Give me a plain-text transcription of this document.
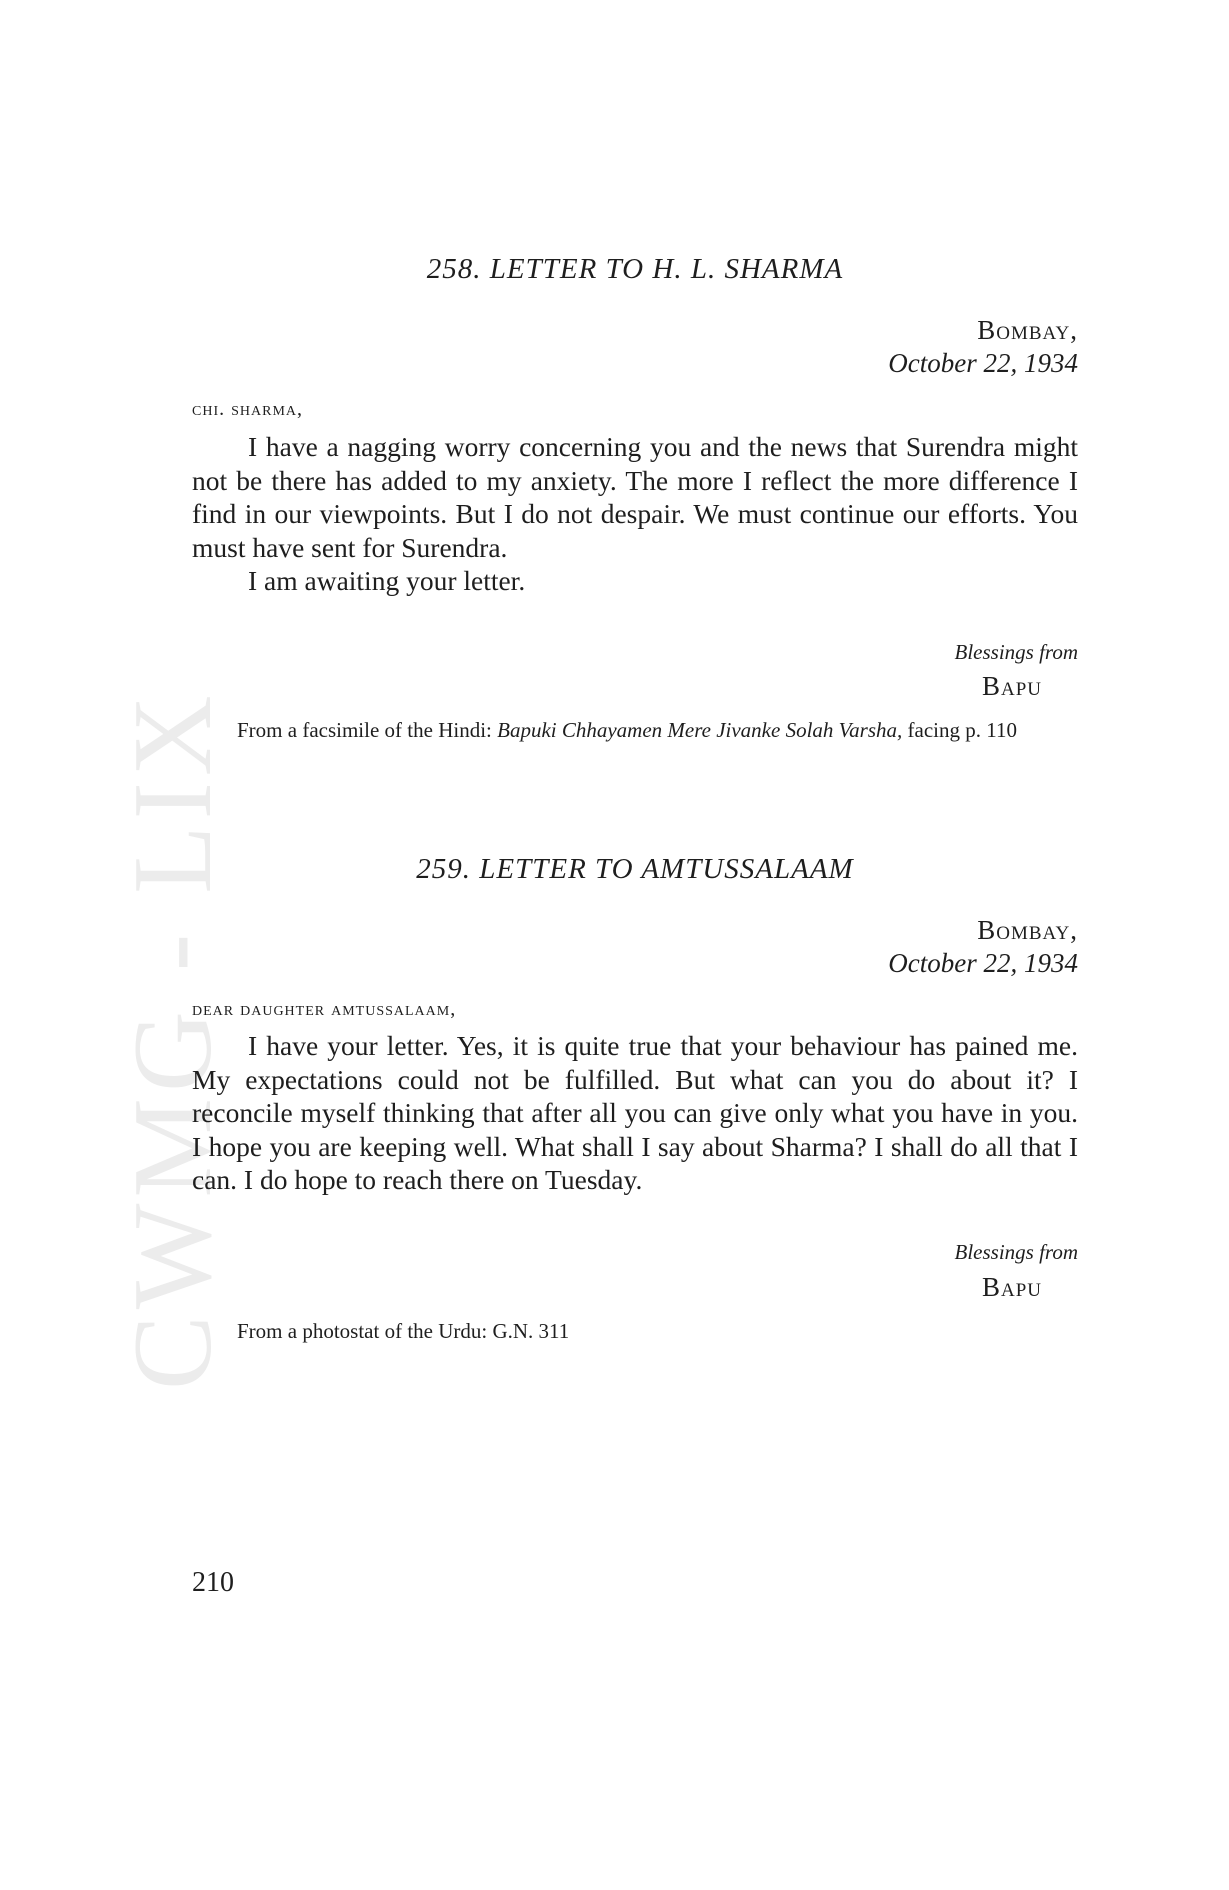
CWMG - LIX
258. LETTER TO H. L. SHARMA
Bombay,
October 22, 1934
chi. sharma,

I have a nagging worry concerning you and the news that Surendra might not be there has added to my anxiety. The more I reflect the more difference I find in our viewpoints. But I do not despair. We must continue our efforts. You must have sent for Surendra.

I am awaiting your letter.

Blessings from
Bapu
From a facsimile of the Hindi: Bapuki Chhayamen Mere Jivanke Solah Varsha, facing p. 110
259. LETTER TO AMTUSSALAAM
Bombay,
October 22, 1934
dear daughter amtussalaam,

I have your letter. Yes, it is quite true that your behaviour has pained me. My expectations could not be fulfilled. But what can you do about it? I reconcile myself thinking that after all you can give only what you have in you. I hope you are keeping well. What shall I say about Sharma? I shall do all that I can. I do hope to reach there on Tuesday.

Blessings from
Bapu
From a photostat of the Urdu: G.N. 311
210
